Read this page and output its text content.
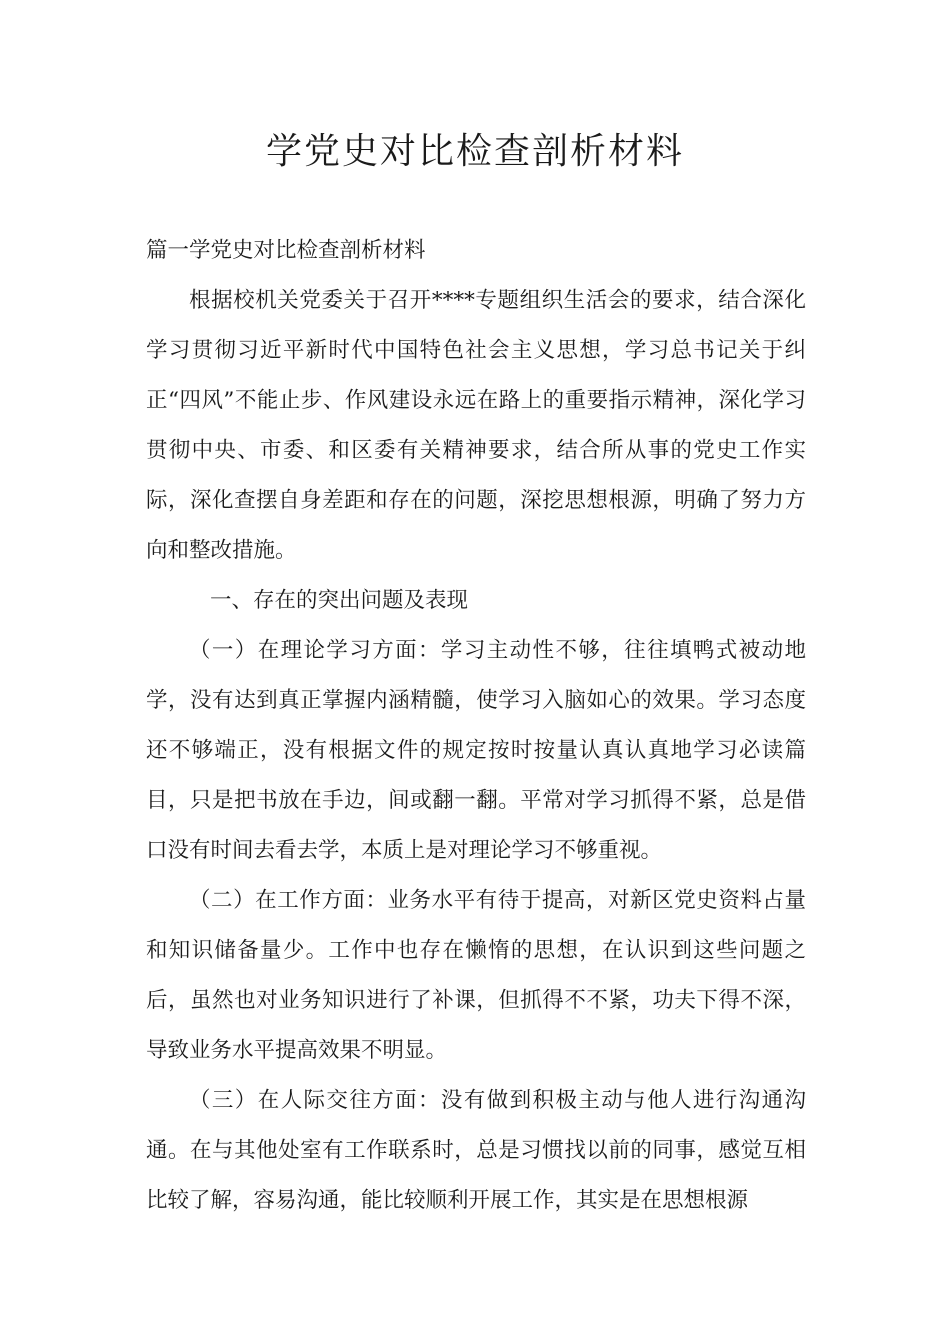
学党史对比检查剖析材料

篇一学党史对比检查剖析材料

根据校机关党委关于召开****专题组织生活会的要求，结合深化学习贯彻习近平新时代中国特色社会主义思想，学习总书记关于纠正“四风”不能止步、作风建设永远在路上的重要指示精神，深化学习贯彻中央、市委、和区委有关精神要求，结合所从事的党史工作实际，深化查摆自身差距和存在的问题，深挖思想根源，明确了努力方向和整改措施。

一、存在的突出问题及表现

（一）在理论学习方面：学习主动性不够，往往填鸭式被动地学，没有达到真正掌握内涵精髓，使学习入脑如心的效果。学习态度还不够端正，没有根据文件的规定按时按量认真认真地学习必读篇目，只是把书放在手边，间或翻一翻。平常对学习抓得不紧，总是借口没有时间去看去学，本质上是对理论学习不够重视。

（二）在工作方面：业务水平有待于提高，对新区党史资料占量和知识储备量少。工作中也存在懒惰的思想，在认识到这些问题之后，虽然也对业务知识进行了补课，但抓得不不紧，功夫下得不深，导致业务水平提高效果不明显。

（三）在人际交往方面：没有做到积极主动与他人进行沟通沟通。在与其他处室有工作联系时，总是习惯找以前的同事，感觉互相比较了解，容易沟通，能比较顺利开展工作，其实是在思想根源
